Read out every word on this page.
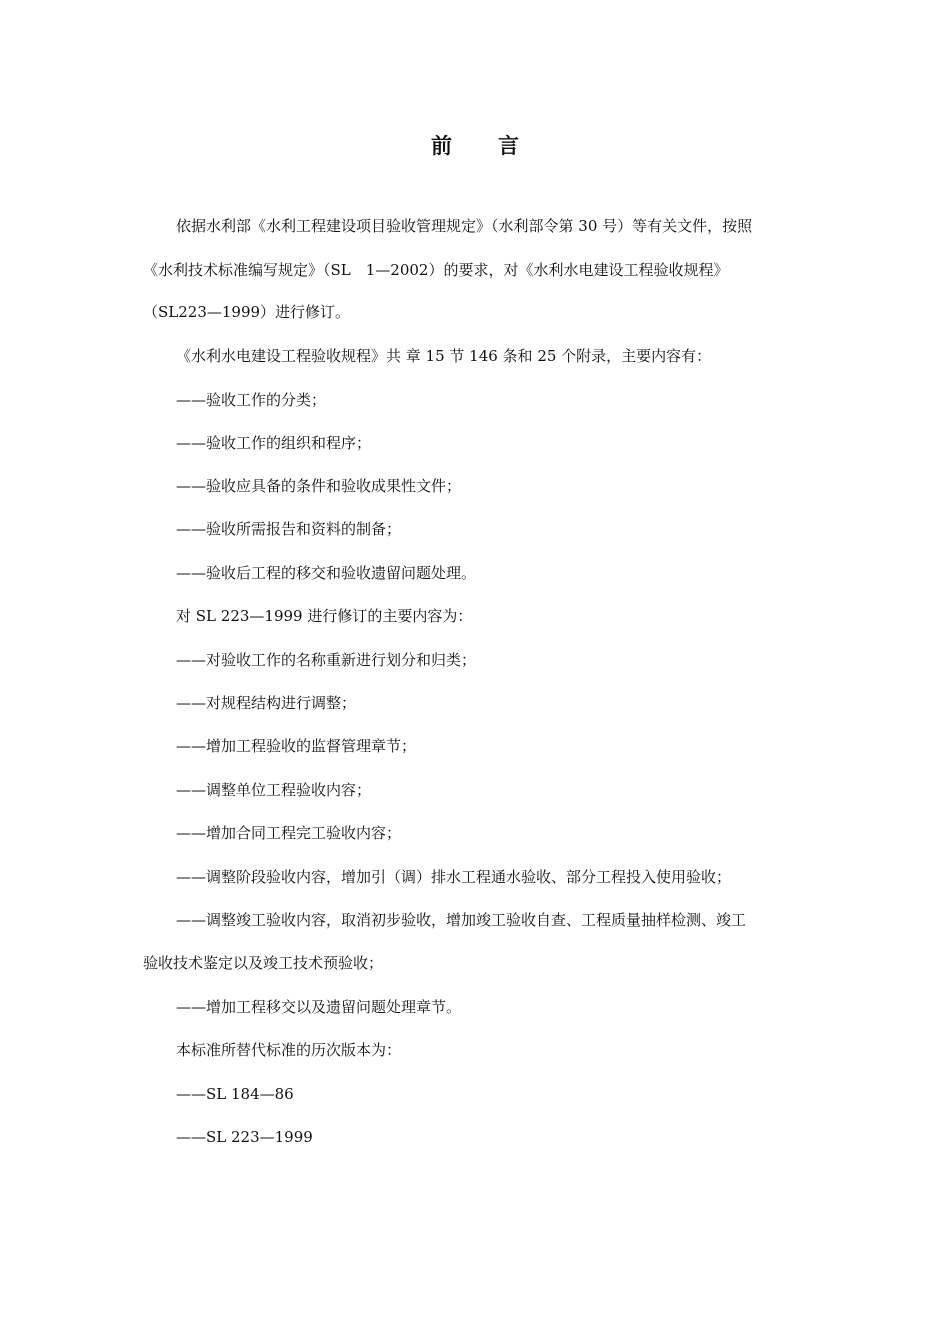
前 言
依据水利部《水利工程建设项目验收管理规定》（水利部令第 30 号）等有关文件，按照
《水利技术标准编写规定》（SL　1—2002）的要求，对《水利水电建设工程验收规程》
（SL223—1999）进行修订。
《水利水电建设工程验收规程》共 章 15 节 146 条和 25 个附录，主要内容有：
——验收工作的分类；
——验收工作的组织和程序；
——验收应具备的条件和验收成果性文件；
——验收所需报告和资料的制备；
——验收后工程的移交和验收遗留问题处理。
对 SL 223—1999 进行修订的主要内容为：
——对验收工作的名称重新进行划分和归类；
——对规程结构进行调整；
——增加工程验收的监督管理章节；
——调整单位工程验收内容；
——增加合同工程完工验收内容；
——调整阶段验收内容，增加引（调）排水工程通水验收、部分工程投入使用验收；
——调整竣工验收内容，取消初步验收，增加竣工验收自查、工程质量抽样检测、竣工
验收技术鉴定以及竣工技术预验收；
——增加工程移交以及遗留问题处理章节。
本标准所替代标准的历次版本为：
——SL 184—86
——SL 223—1999
